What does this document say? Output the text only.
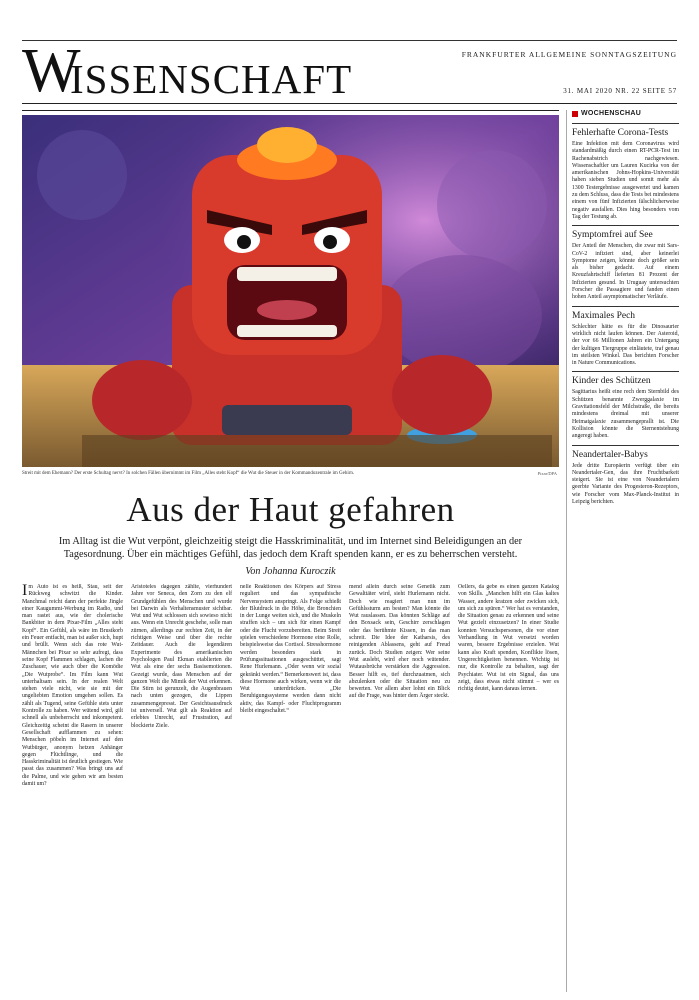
FRANKFURTER ALLGEMEINE SONNTAGSZEITUNG
W
ISSENSCHAFT	31. MAI 2020 NR. 22 SEITE 57
Streit mit dem Ehemann? Der erste Schultag nervt? In solchen Fällen übernimmt im Film „Alles steht Kopf“ die Wut die Steuer in der Kommandozentrale im Gehirn.	Pixar/DPA
Aus der Haut gefahren
Im Alltag ist die Wut verpönt, gleichzeitig steigt die Hasskriminalität, und im Internet sind Beleidigungen an der Tagesordnung. Über ein mächtiges Gefühl, das jedoch dem Kraft spenden kann, er es zu beherrschen versteht.
Von Johanna Kuroczik
I m Auto ist es heiß, Stau, seit der Rückweg schwitzt die Kinder. Manchmal reicht dann der perfekte Jingle einer Kaugummi-Werbung im Radio, und man rastet aus, wie der cholerische Bankbiter in dem Pixar-Film „Alles steht Kopf“. Ein Gefühl, als wäre im Brustkorb ein Feuer entfacht, man ist außer sich, hupt und brüllt. Wenn sich das rote Wut-Männchen bei Pixar so sehr aufregt, dass seine Kopf Flammen schlagen, lachen die Zuschauer, wie auch über die Komödie „Die Wutprobe“. Im Film kann Wut unterhaltsam sein. In der realen Welt stehen viele nicht, wie sie mit der ungeliebten Emotion umgehen sollen. Es zählt als Tugend, seine Gefühle stets unter Kontrolle zu haben. Wer wütend wird, gilt schnell als unbeherrscht und inkompetent. Gleichzeitig scheint die Rasern in unserer Gesellschaft aufflammen zu sehen: Menschen pöbeln im Internet auf den Wutbürger, anonym hetzen Anhänger gegen Flüchtlinge, und die Hasskriminalität ist deutlich gestiegen. Wie passt das zusammen? Was bringt uns auf die Palme, und wie gehen wir am besten damit um?

Aristoteles dagegen zählte, vierhundert Jahre vor Seneca, den Zorn zu den elf Grundgefühlen des Menschen und wurde bei Darwin als Verhaltensmuster sichtbar. Wut und Wut schlossen sich sowieso nicht aus. Wenn ein Unrecht geschehe, solle man zürnen, allerdings zur rechten Zeit, in der richtigen Weise und über die rechte Zeitdauer. Auch die legendären Experimente des amerikanischen Psychologen Paul Ekman etablierten die Wut als eine der sechs Basisemotionen. Gezeigt wurde, dass Menschen auf der ganzen Welt die Mimik der Wut erkennen. Die Stirn ist gerunzelt, die Augenbrauen nach unten gezogen, die Lippen zusammengepresst. Der Gesichtsausdruck ist universell. Wut gilt als Reaktion auf erlebtes Unrecht, auf Frustration, auf blockierte Ziele.

nelle Reaktionen des Körpers auf Stress reguliert und das sympathische Nervensystem anspringt. Als Folge schießt der Blutdruck in die Höhe, die Bronchien in der Lunge weiten sich, und die Muskeln straffen sich – um sich für einen Kampf oder die Flucht vorzubereiten. Beim Streit spielen verschiedene Hormone eine Rolle, beispielsweise das Cortisol. Stresshormone werden besonders stark in Prüfungssituationen ausgeschüttet, sagt Rene Hurlemann. „Oder wenn wir sozial gekränkt werden.“ Bemerkenswert ist, dass diese Hormone auch wirken, wenn wir die Wut unterdrücken. „Die Beruhigungssysteme werden dann nicht aktiv, das Kampf- oder Fluchtprogramm bleibt eingeschaltet.“

mend allein durch seine Genetik zum Gewalttäter wird, sieht Hurlemann nicht. Doch wie reagiert man nun im Gefühlssturm am besten? Man könnte die Wut rauslassen. Das könnten Schläge auf den Boxsack sein, Geschirr zerschlagen oder das berühmte Kissen, in das man schreit. Die Idee der Katharsis, des reinigenden Ablassens, geht auf Freud zurück. Doch Studien zeigen: Wer seine Wut auslebt, wird eher noch wütender. Wutausbrüche verstärken die Aggression. Besser hilft es, tief durchzuatmen, sich abzulenken oder die Situation neu zu bewerten. Vor allem aber lohnt ein Blick auf die Frage, was hinter dem Ärger steckt.

Oellers, da gebe es einen ganzen Katalog von Skills. „Manchen hilft ein Glas kaltes Wasser, andere kratzen oder zwicken sich, um sich zu spüren.“ Wer hat es verstanden, die Situation genau zu erkennen und seine Wut gezielt einzusetzen? In einer Studie konnten Versuchspersonen, die vor einer Verhandlung in Wut versetzt worden waren, bessere Ergebnisse erzielen. Wut kann also Kraft spenden, Konflikte lösen, Ungerechtigkeiten benennen. Wichtig ist nur, die Kontrolle zu behalten, sagt der Psychiater. Wut ist ein Signal, das uns zeigt, dass etwas nicht stimmt – wer es richtig deutet, kann daraus lernen.

WOCHENSCHAU
Fehlerhafte Corona-Tests
Eine Infektion mit dem Coronavirus wird standardmäßig durch einen RT-PCR-Test im Rachenabstrich nachgewiesen. Wissenschaftler um Lauren Kucirka von der amerikanischen Johns-Hopkins-Universität haben sieben Studien und somit mehr als 1300 Testergebnisse ausgewertet und kamen zu dem Schluss, dass die Tests bei mindestens einem von fünf Infizierten fälschlicherweise negativ ausfallen. Dies hing besonders vom Tag der Testung ab.
Symptomfrei auf See
Der Anteil der Menschen, die zwar mit Sars-CoV-2 infiziert sind, aber keinerlei Symptome zeigen, könnte doch größer sein als bisher gedacht. Auf einem Kreuzfahrtschiff lieferten 81 Prozent der Infizierten gesund. In Uruguay untersuchten Forscher die Passagiere und fanden einen hohen Anteil asymptomatischer Verläufe.
Maximales Pech
Schlechter hätte es für die Dinosaurier wirklich nicht laufen können. Der Asteroid, der vor 66 Millionen Jahren ein Untergang der kultigen Tiergruppe einläutete, traf genau im steilsten Winkel. Das berichten Forscher in Nature Communications.
Kinder des Schützen
Sagittarius heißt eine rech dem Sternbild des Schützen benannte Zwerggalaxie im Gravitationsfeld der Milchstraße, die bereits mindestens dreimal mit unserer Heimatgalaxie zusammengeprallt ist. Die Kollision könnte die Sternentstehung angeregt haben.
Neandertaler-Babys
Jede dritte Europäerin verfügt über ein Neandertaler-Gen, das ihre Fruchtbarkeit steigert. Sie ist eine von Neandertalern geerbte Variante des Progesteron-Rezeptors, wie Forscher vom Max-Planck-Institut in Leipzig berichten.
